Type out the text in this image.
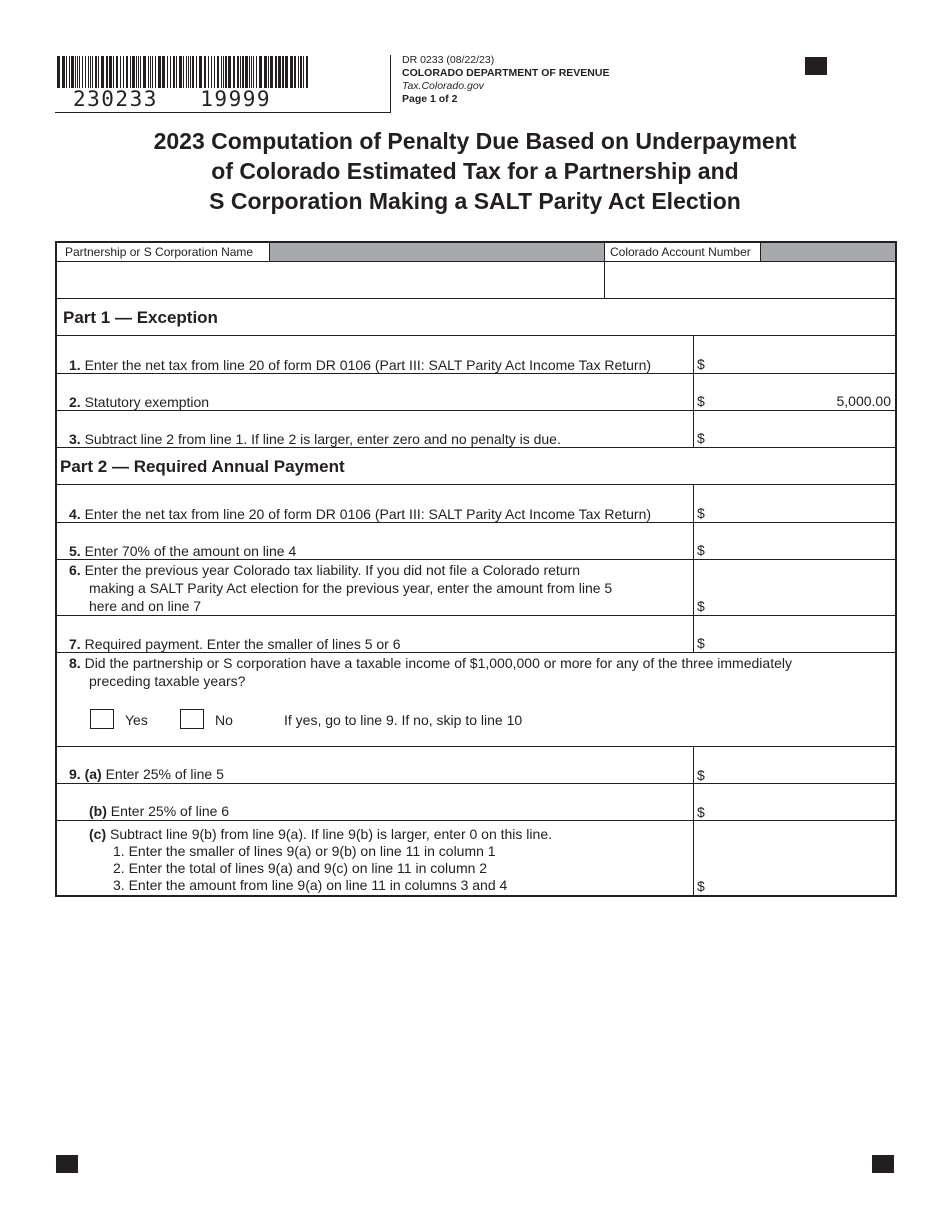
230233   19999
DR 0233 (08/22/23)
COLORADO DEPARTMENT OF REVENUE
Tax.Colorado.gov
Page 1 of 2
2023 Computation of Penalty Due Based on Underpayment
of Colorado Estimated Tax for a Partnership and
S Corporation Making a SALT Parity Act Election
Partnership or S Corporation Name	Colorado Account Number
Part 1 — Exception
1. Enter the net tax from line 20 of form DR 0106 (Part III: SALT Parity Act Income Tax Return)	$
2. Statutory exemption	$	5,000.00
3. Subtract line 2 from line 1. If line 2 is larger, enter zero and no penalty is due.	$
Part 2 — Required Annual Payment
4. Enter the net tax from line 20 of form DR 0106 (Part III: SALT Parity Act Income Tax Return)	$
5. Enter 70% of the amount on line 4	$
6. Enter the previous year Colorado tax liability. If you did not file a Colorado return
making a SALT Parity Act election for the previous year, enter the amount from line 5
here and on line 7	$
7. Required payment. Enter the smaller of lines 5 or 6	$
8. Did the partnership or S corporation have a taxable income of $1,000,000 or more for any of the three immediately
preceding taxable years?
Yes	No	If yes, go to line 9. If no, skip to line 10
9. (a) Enter 25% of line 5	$
(b) Enter 25% of line 6	$
(c) Subtract line 9(b) from line 9(a). If line 9(b) is larger, enter 0 on this line.
1. Enter the smaller of lines 9(a) or 9(b) on line 11 in column 1
2. Enter the total of lines 9(a) and 9(c) on line 11 in column 2
3. Enter the amount from line 9(a) on line 11 in columns 3 and 4	$
